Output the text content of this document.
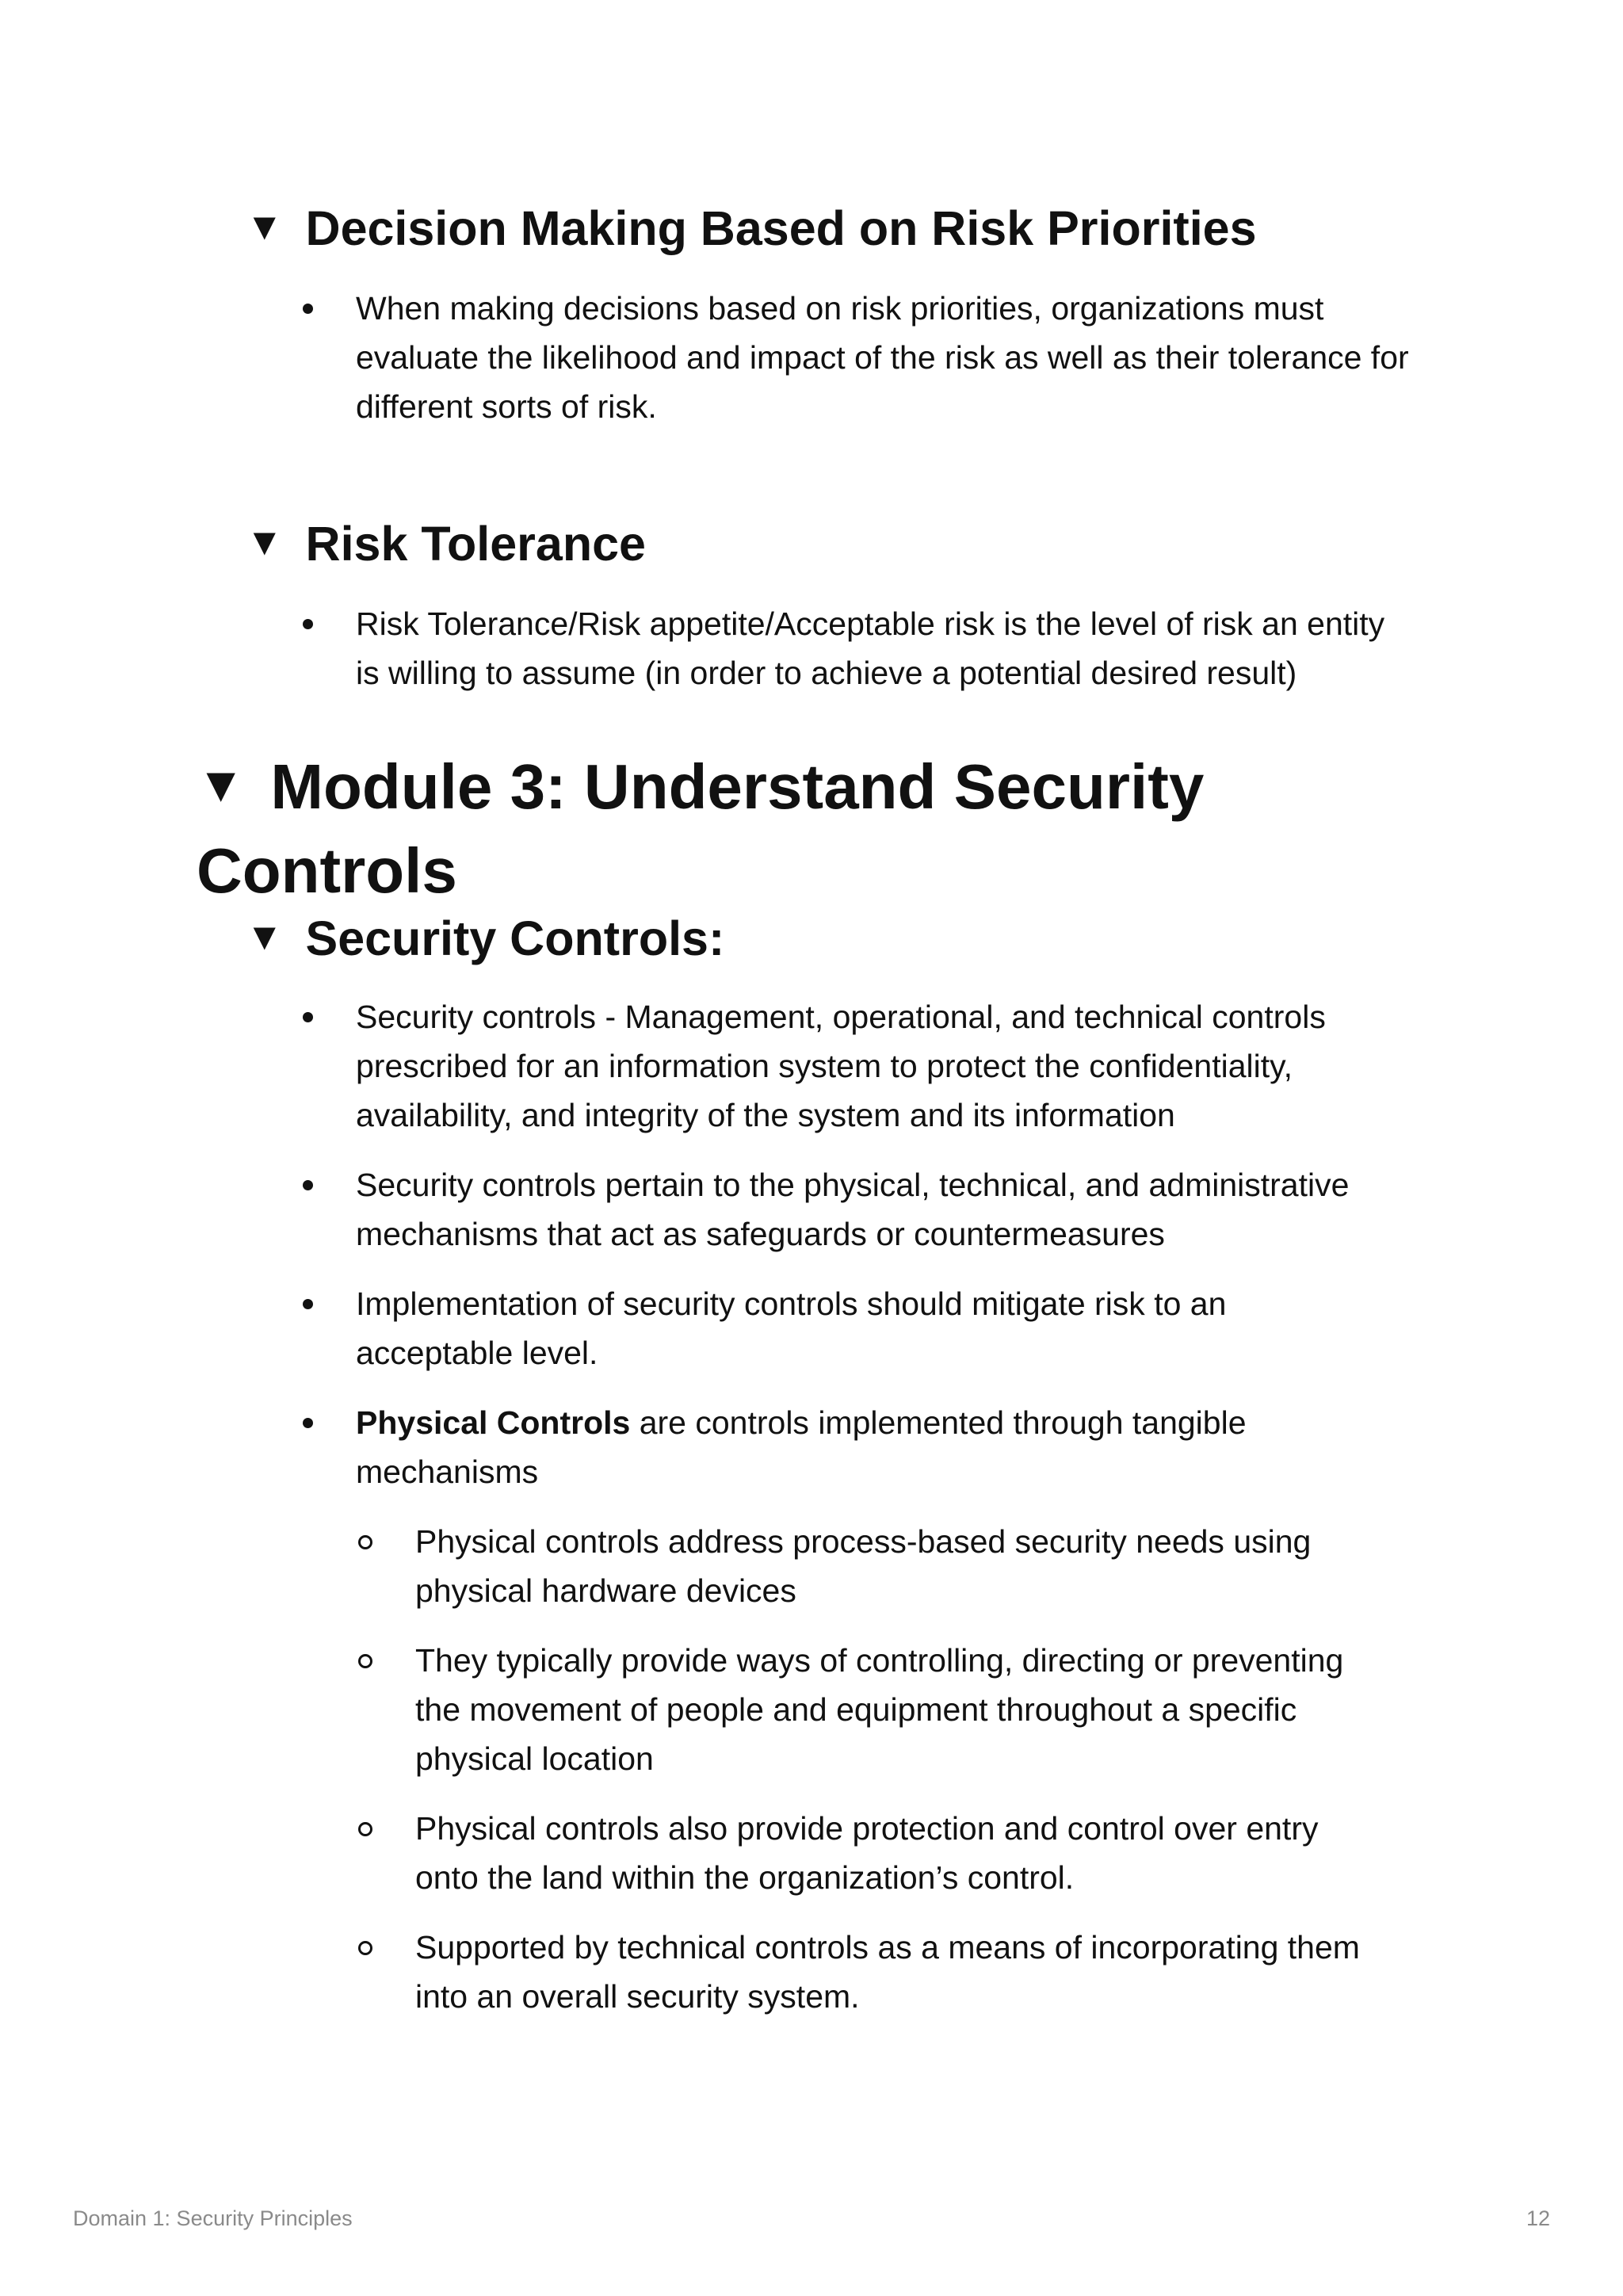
▼ Decision Making Based on Risk Priorities
When making decisions based on risk priorities, organizations must evaluate the likelihood and impact of the risk as well as their tolerance for different sorts of risk.
▼ Risk Tolerance
Risk Tolerance/Risk appetite/Acceptable risk is the level of risk an entity is willing to assume (in order to achieve a potential desired result)
▼ Module 3: Understand Security Controls
▼ Security Controls:
Security controls - Management, operational, and technical controls prescribed for an information system to protect the confidentiality, availability, and integrity of the system and its information
Security controls pertain to the physical, technical, and administrative mechanisms that act as safeguards or countermeasures
Implementation of security controls should mitigate risk to an acceptable level.
Physical Controls are controls implemented through tangible mechanisms
Physical controls address process-based security needs using physical hardware devices
They typically provide ways of controlling, directing or preventing the movement of people and equipment throughout a specific physical location
Physical controls also provide protection and control over entry onto the land within the organization’s control.
Supported by technical controls as a means of incorporating them into an overall security system.
Domain 1: Security Principles	12
